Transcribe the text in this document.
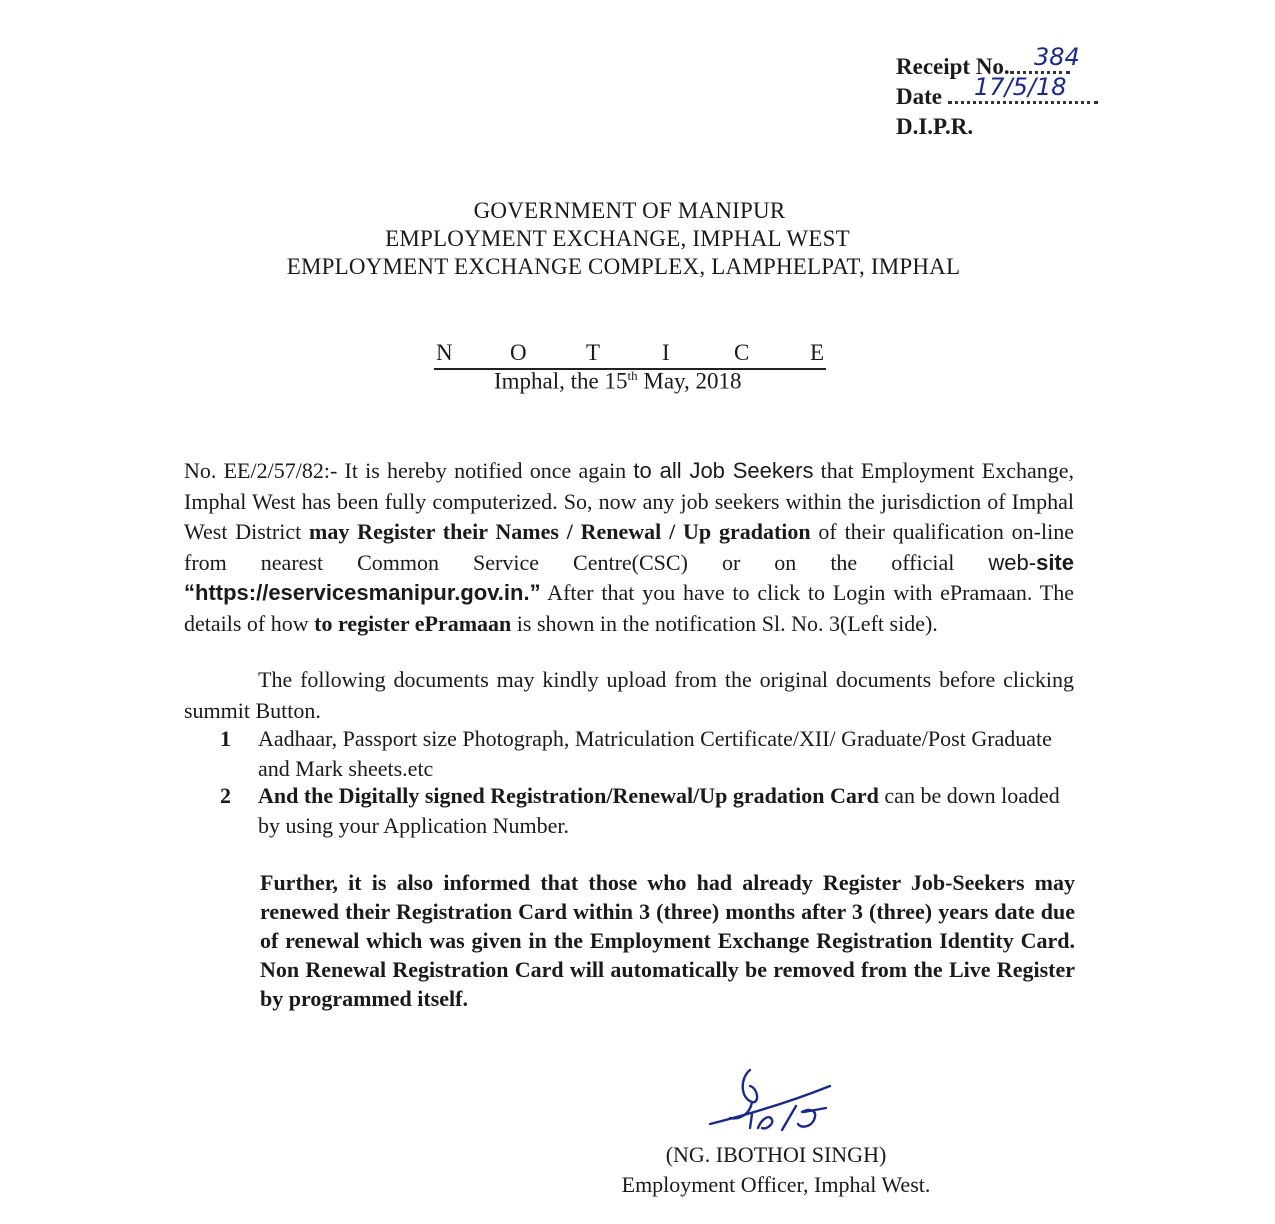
Receipt No. 384
Date 17/5/18
D.I.P.R.
GOVERNMENT OF MANIPUR
EMPLOYMENT EXCHANGE, IMPHAL WEST
EMPLOYMENT EXCHANGE COMPLEX, LAMPHELPAT, IMPHAL
N O	T	I	C	E
Imphal, the 15th May, 2018
No. EE/2/57/82:- It is hereby notified once again to all Job Seekers that Employment Exchange, Imphal West has been fully computerized. So, now any job seekers within the jurisdiction of Imphal West District may Register their Names / Renewal / Up gradation of their qualification on-line from nearest Common Service Centre(CSC) or on the official web-site “https://eservicesmanipur.gov.in.” After that you have to click to Login with ePramaan. The details of how to register ePramaan is shown in the notification Sl. No. 3(Left side).
The following documents may kindly upload from the original documents before clicking summit Button.
1 Aadhaar, Passport size Photograph, Matriculation Certificate/XII/ Graduate/Post Graduate and Mark sheets.etc
2 And the Digitally signed Registration/Renewal/Up gradation Card can be down loaded by using your Application Number.
Further, it is also informed that those who had already Register Job-Seekers may renewed their Registration Card within 3 (three) months after 3 (three) years date due of renewal which was given in the Employment Exchange Registration Identity Card. Non Renewal Registration Card will automatically be removed from the Live Register by programmed itself.
(NG. IBOTHOI SINGH)
Employment Officer, Imphal West.
